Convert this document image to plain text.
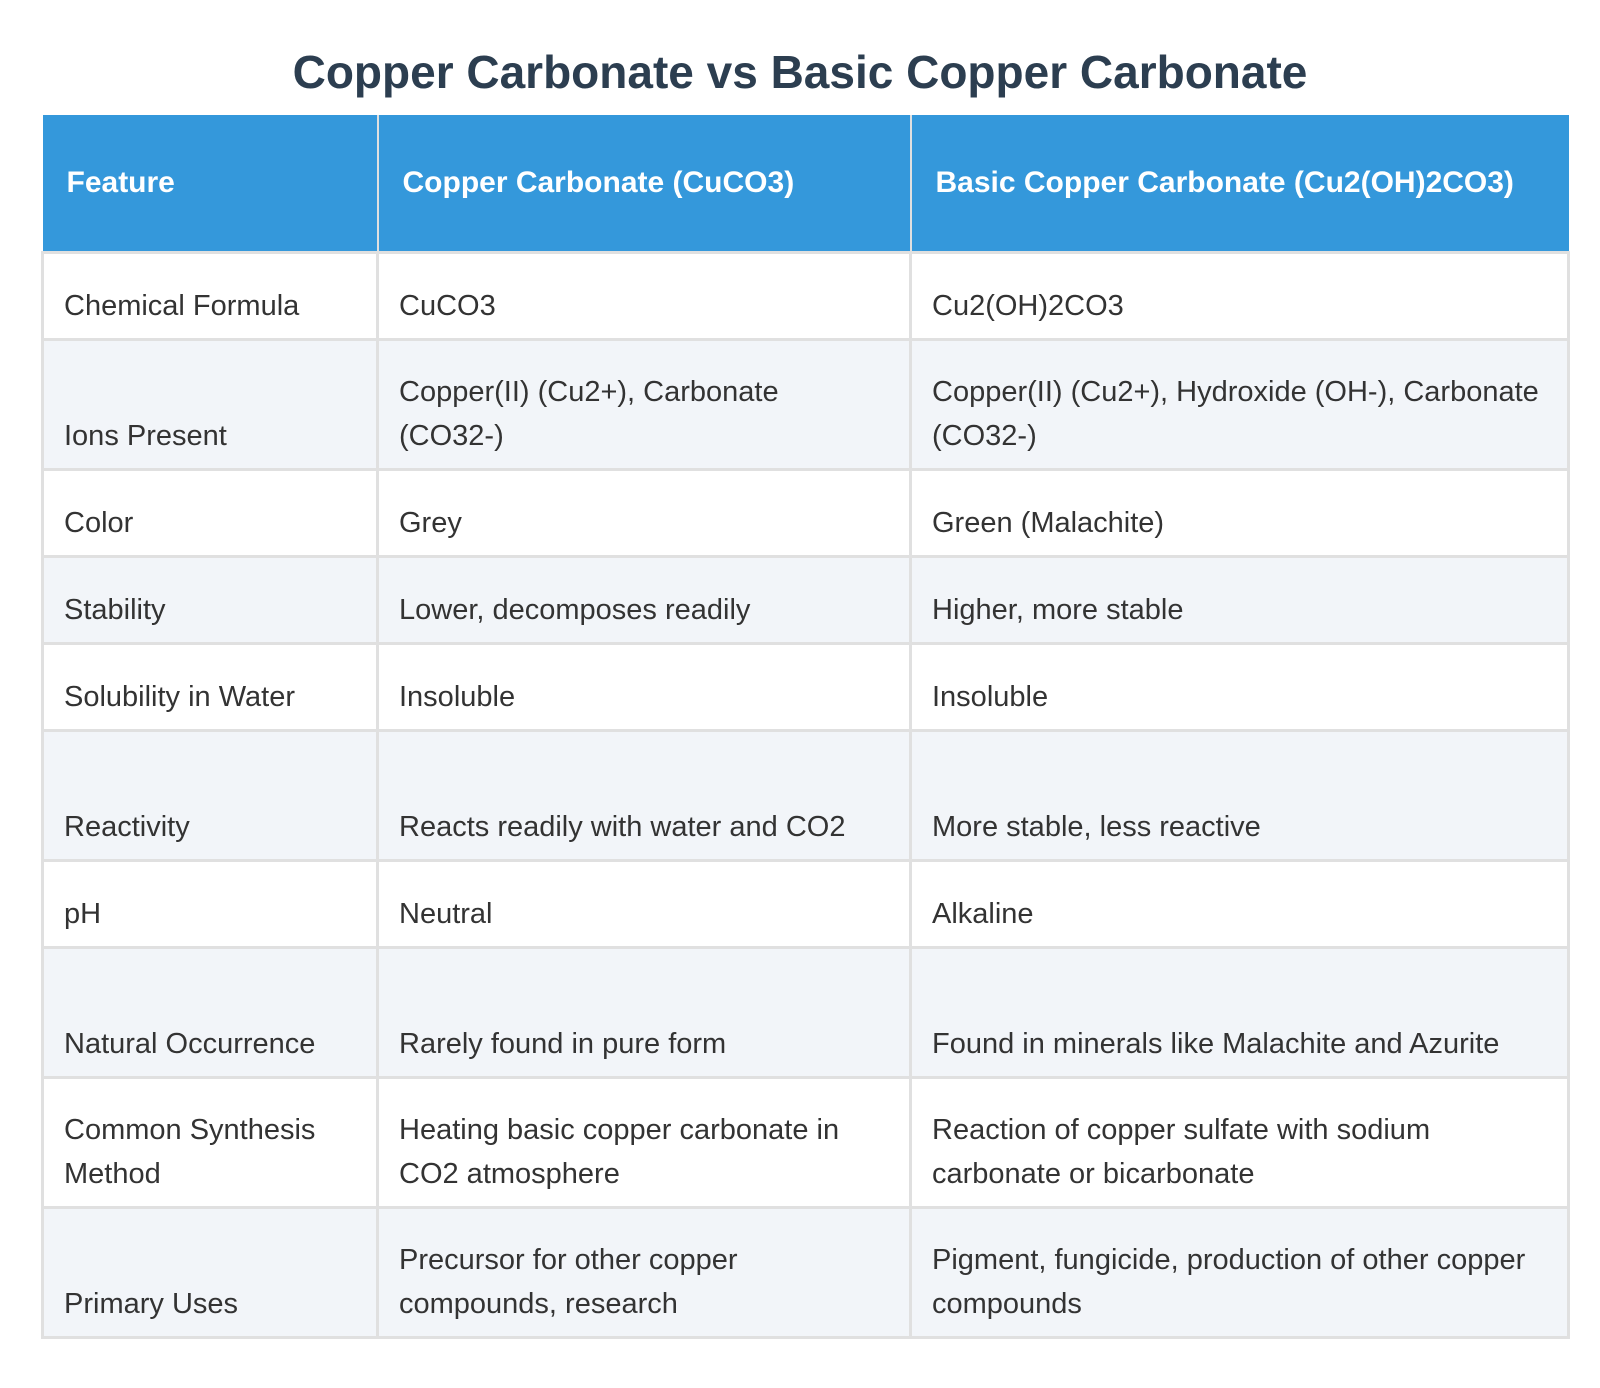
Copper Carbonate vs Basic Copper Carbonate
Feature	Copper Carbonate (CuCO3)	Basic Copper Carbonate (Cu2(OH)2CO3)
Chemical Formula	CuCO3	Cu2(OH)2CO3
Ions Present	Copper(II) (Cu2+), Carbonate (CO32-)	Copper(II) (Cu2+), Hydroxide (OH-), Carbonate (CO32-)
Color	Grey	Green (Malachite)
Stability	Lower, decomposes readily	Higher, more stable
Solubility in Water	Insoluble	Insoluble
Reactivity	Reacts readily with water and CO2	More stable, less reactive
pH	Neutral	Alkaline
Natural Occurrence	Rarely found in pure form	Found in minerals like Malachite and Azurite
Common Synthesis Method	Heating basic copper carbonate in CO2 atmosphere	Reaction of copper sulfate with sodium carbonate or bicarbonate
Primary Uses	Precursor for other copper compounds, research	Pigment, fungicide, production of other copper compounds
